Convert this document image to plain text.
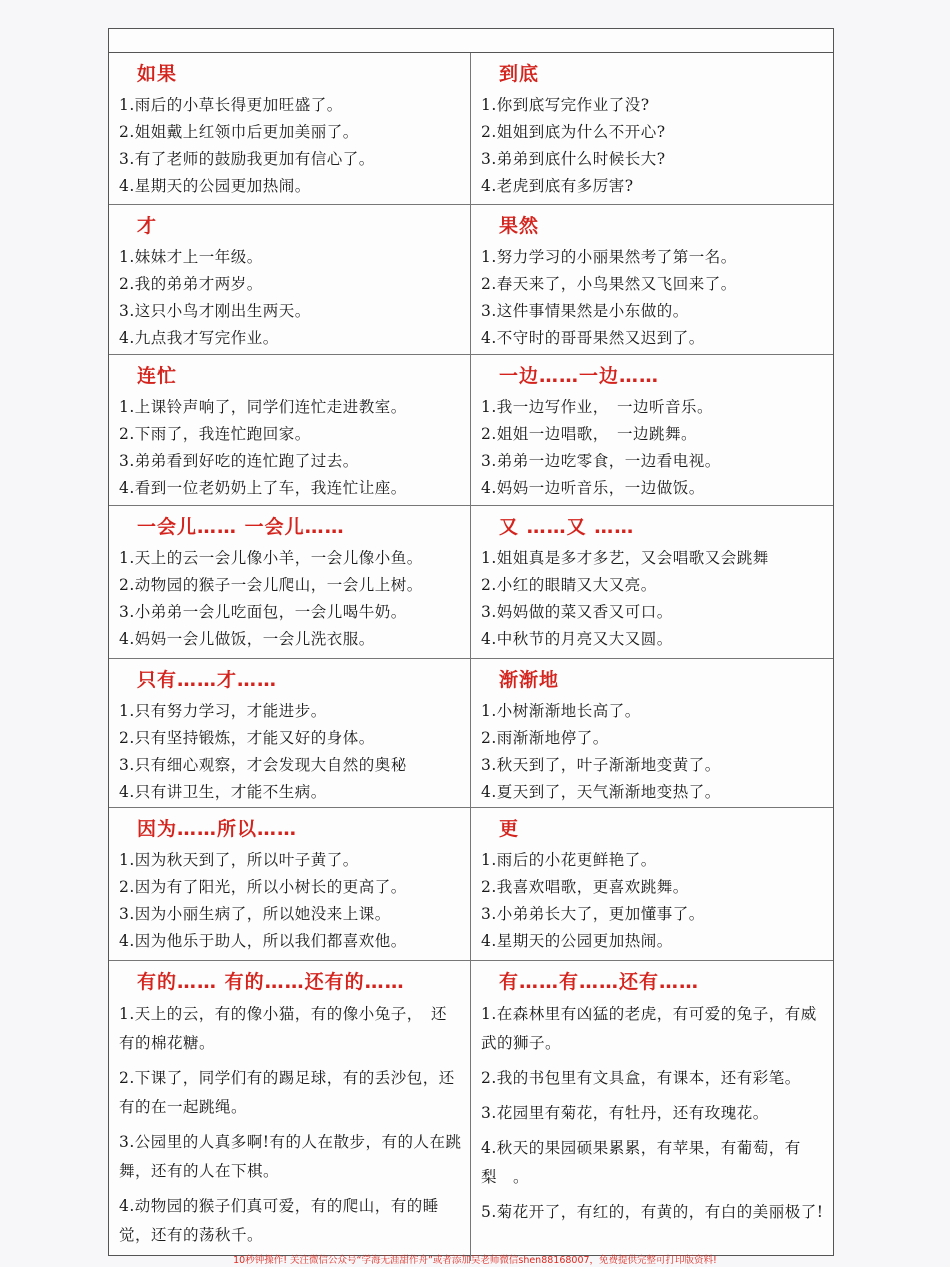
如果
1.雨后的小草长得更加旺盛了。
2.姐姐戴上红领巾后更加美丽了。
3.有了老师的鼓励我更加有信心了。
4.星期天的公园更加热闹。
到底
1.你到底写完作业了没?
2.姐姐到底为什么不开心?
3.弟弟到底什么时候长大?
4.老虎到底有多厉害?
才
1.妹妹才上一年级。
2.我的弟弟才两岁。
3.这只小鸟才刚出生两天。
4.九点我才写完作业。
果然
1.努力学习的小丽果然考了第一名。
2.春天来了，小鸟果然又飞回来了。
3.这件事情果然是小东做的。
4.不守时的哥哥果然又迟到了。
连忙
1.上课铃声响了，同学们连忙走进教室。
2.下雨了，我连忙跑回家。
3.弟弟看到好吃的连忙跑了过去。
4.看到一位老奶奶上了车，我连忙让座。
一边……一边……
1.我一边写作业，　一边听音乐。
2.姐姐一边唱歌，　一边跳舞。
3.弟弟一边吃零食，一边看电视。
4.妈妈一边听音乐，一边做饭。
一会儿…… 一会儿……
1.天上的云一会儿像小羊，一会儿像小鱼。
2.动物园的猴子一会儿爬山，一会儿上树。
3.小弟弟一会儿吃面包，一会儿喝牛奶。
4.妈妈一会儿做饭，一会儿洗衣服。
又 ……又 ……
1.姐姐真是多才多艺，又会唱歌又会跳舞
2.小红的眼睛又大又亮。
3.妈妈做的菜又香又可口。
4.中秋节的月亮又大又圆。
只有……才……
1.只有努力学习，才能进步。
2.只有坚持锻炼，才能又好的身体。
3.只有细心观察，才会发现大自然的奥秘
4.只有讲卫生，才能不生病。
渐渐地
1.小树渐渐地长高了。
2.雨渐渐地停了。
3.秋天到了，叶子渐渐地变黄了。
4.夏天到了，天气渐渐地变热了。
因为……所以……
1.因为秋天到了，所以叶子黄了。
2.因为有了阳光，所以小树长的更高了。
3.因为小丽生病了，所以她没来上课。
4.因为他乐于助人，所以我们都喜欢他。
更
1.雨后的小花更鲜艳了。
2.我喜欢唱歌，更喜欢跳舞。
3.小弟弟长大了，更加懂事了。
4.星期天的公园更加热闹。
有的…… 有的……还有的……
1.天上的云，有的像小猫，有的像小兔子，　还有的棉花糖。
2.下课了，同学们有的踢足球，有的丢沙包，还有的在一起跳绳。
3.公园里的人真多啊!有的人在散步，有的人在跳舞，还有的人在下棋。
4.动物园的猴子们真可爱，有的爬山，有的睡觉，还有的荡秋千。
有……有……还有……
1.在森林里有凶猛的老虎，有可爱的兔子，有威武的狮子。
2.我的书包里有文具盒，有课本，还有彩笔。
3.花园里有菊花，有牡丹，还有玫瑰花。
4.秋天的果园硕果累累，有苹果，有葡萄，有梨　。
5.菊花开了，有红的，有黄的，有白的美丽极了!
10秒钟操作! 关注微信公众号“学海无涯甜作舟”或者添加吴老师微信shen88168007，免费提供完整可打印版资料!
